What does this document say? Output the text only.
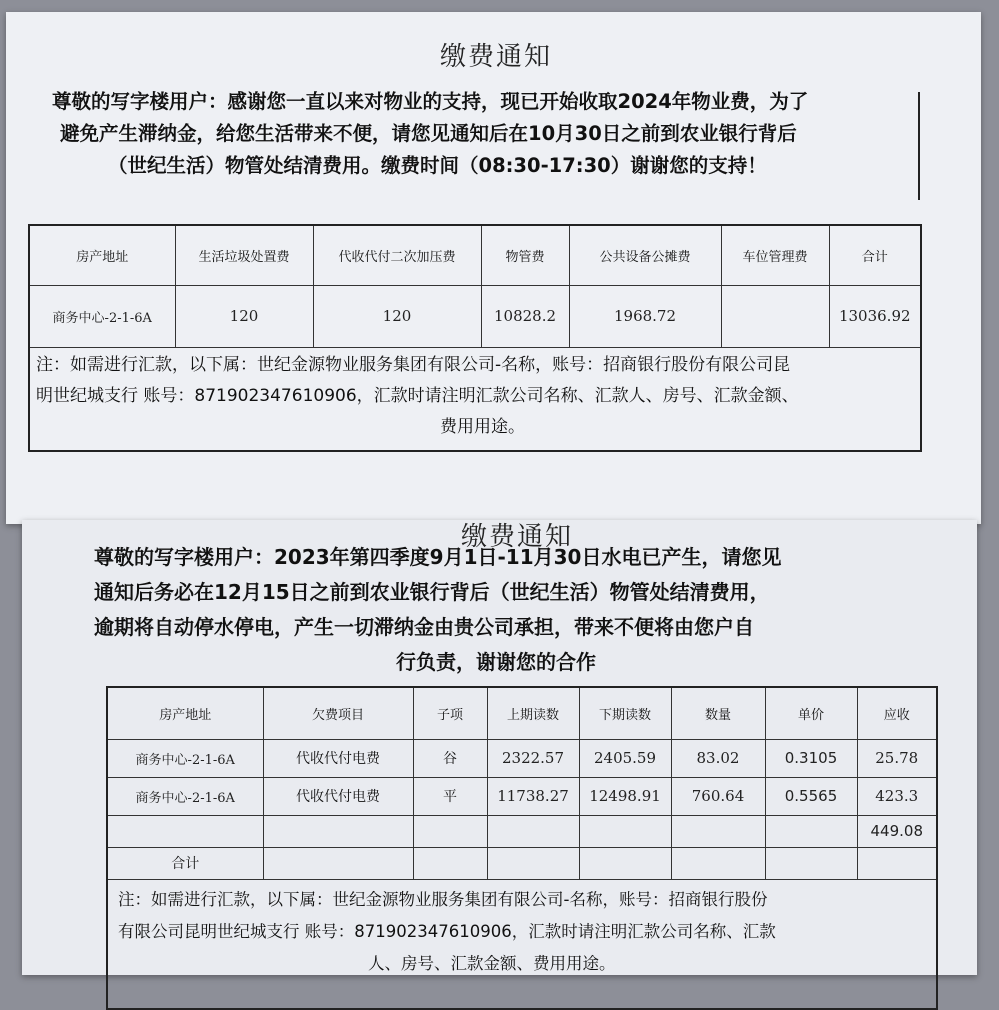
缴费通知
尊敬的写字楼用户：感谢您一直以来对物业的支持，现已开始收取2024年物业费，为了
避免产生滞纳金，给您生活带来不便，请您见通知后在10月30日之前到农业银行背后
（世纪生活）物管处结清费用。缴费时间（08:30-17:30）谢谢您的支持！
房产地址	生活垃圾处置费	代收代付二次加压费	物管费	公共设备公摊费	车位管理费	合计
商务中心-2-1-6A	120	120	10828.2	1968.72		13036.92

注：如需进行汇款，以下属：世纪金源物业服务集团有限公司-名称，账号：招商银行股份有限公司昆
明世纪城支行 账号：871902347610906，汇款时请注明汇款公司名称、汇款人、房号、汇款金额、
费用用途。						
缴费通知
尊敬的写字楼用户：2023年第四季度9月1日-11月30日水电已产生，请您见
通知后务必在12月15日之前到农业银行背后（世纪生活）物管处结清费用，
逾期将自动停水停电，产生一切滞纳金由贵公司承担，带来不便将由您户自
行负责，谢谢您的合作
房产地址	欠费项目	子项	上期读数	下期读数	数量	单价	应收
商务中心-2-1-6A	代收代付电费	谷	2322.57	2405.59	83.02	0.3105	25.78
商务中心-2-1-6A	代收代付电费	平	11738.27	12498.91	760.64	0.5565	423.3
							449.08
合计							

注：如需进行汇款，以下属：世纪金源物业服务集团有限公司-名称，账号：招商银行股份
有限公司昆明世纪城支行 账号：871902347610906，汇款时请注明汇款公司名称、汇款
人、房号、汇款金额、费用用途。							
